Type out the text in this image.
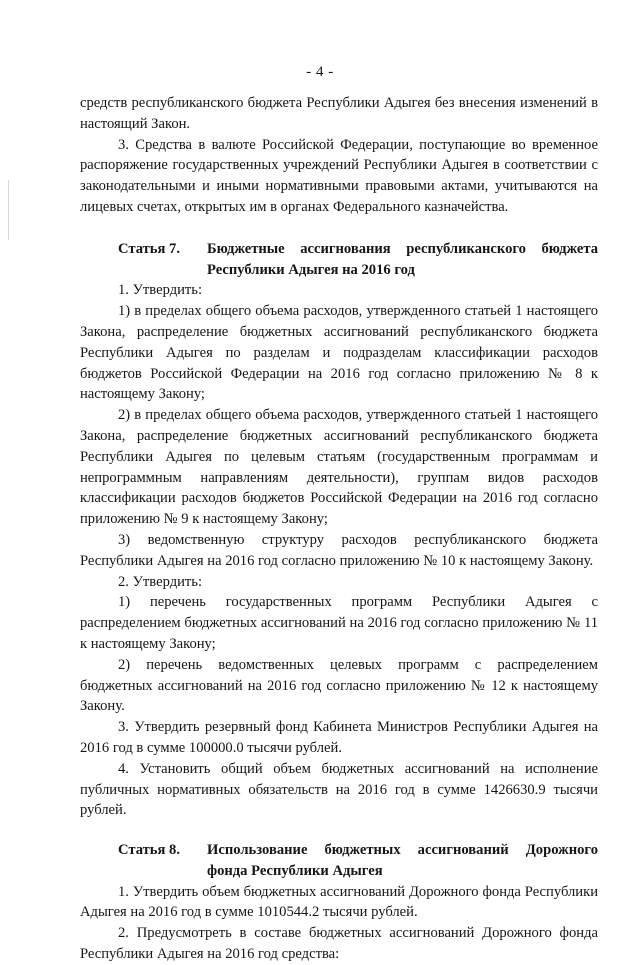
- 4 -

средств республиканского бюджета Республики Адыгея без внесения изменений в настоящий Закон.

3. Средства в валюте Российской Федерации, поступающие во временное распоряжение государственных учреждений Республики Адыгея в соответствии с законодательными и иными нормативными правовыми актами, учитываются на лицевых счетах, открытых им в органах Федерального казначейства.

Статья 7.	Бюджетные ассигнования республиканского бюджета Республики Адыгея на 2016 год

1. Утвердить:

1) в пределах общего объема расходов, утвержденного статьей 1 настоящего Закона, распределение бюджетных ассигнований республиканского бюджета Республики Адыгея по разделам и подразделам классификации расходов бюджетов Российской Федерации на 2016 год согласно приложению № 8 к настоящему Закону;

2) в пределах общего объема расходов, утвержденного статьей 1 настоящего Закона, распределение бюджетных ассигнований республиканского бюджета Республики Адыгея по целевым статьям (государственным программам и непрограммным направлениям деятельности), группам видов расходов классификации расходов бюджетов Российской Федерации на 2016 год согласно приложению № 9 к настоящему Закону;

3) ведомственную структуру расходов республиканского бюджета Республики Адыгея на 2016 год согласно приложению № 10 к настоящему Закону.

2. Утвердить:

1) перечень государственных программ Республики Адыгея с распределением бюджетных ассигнований на 2016 год согласно приложению № 11 к настоящему Закону;

2) перечень ведомственных целевых программ с распределением бюджетных ассигнований на 2016 год согласно приложению № 12 к настоящему Закону.

3. Утвердить резервный фонд Кабинета Министров Республики Адыгея на 2016 год в сумме 100000.0 тысячи рублей.

4. Установить общий объем бюджетных ассигнований на исполнение публичных нормативных обязательств на 2016 год в сумме 1426630.9 тысячи рублей.

Статья 8.	Использование бюджетных ассигнований Дорожного фонда Республики Адыгея

1. Утвердить объем бюджетных ассигнований Дорожного фонда Республики Адыгея на 2016 год в сумме 1010544.2 тысячи рублей.

2. Предусмотреть в составе бюджетных ассигнований Дорожного фонда Республики Адыгея на 2016 год средства:
